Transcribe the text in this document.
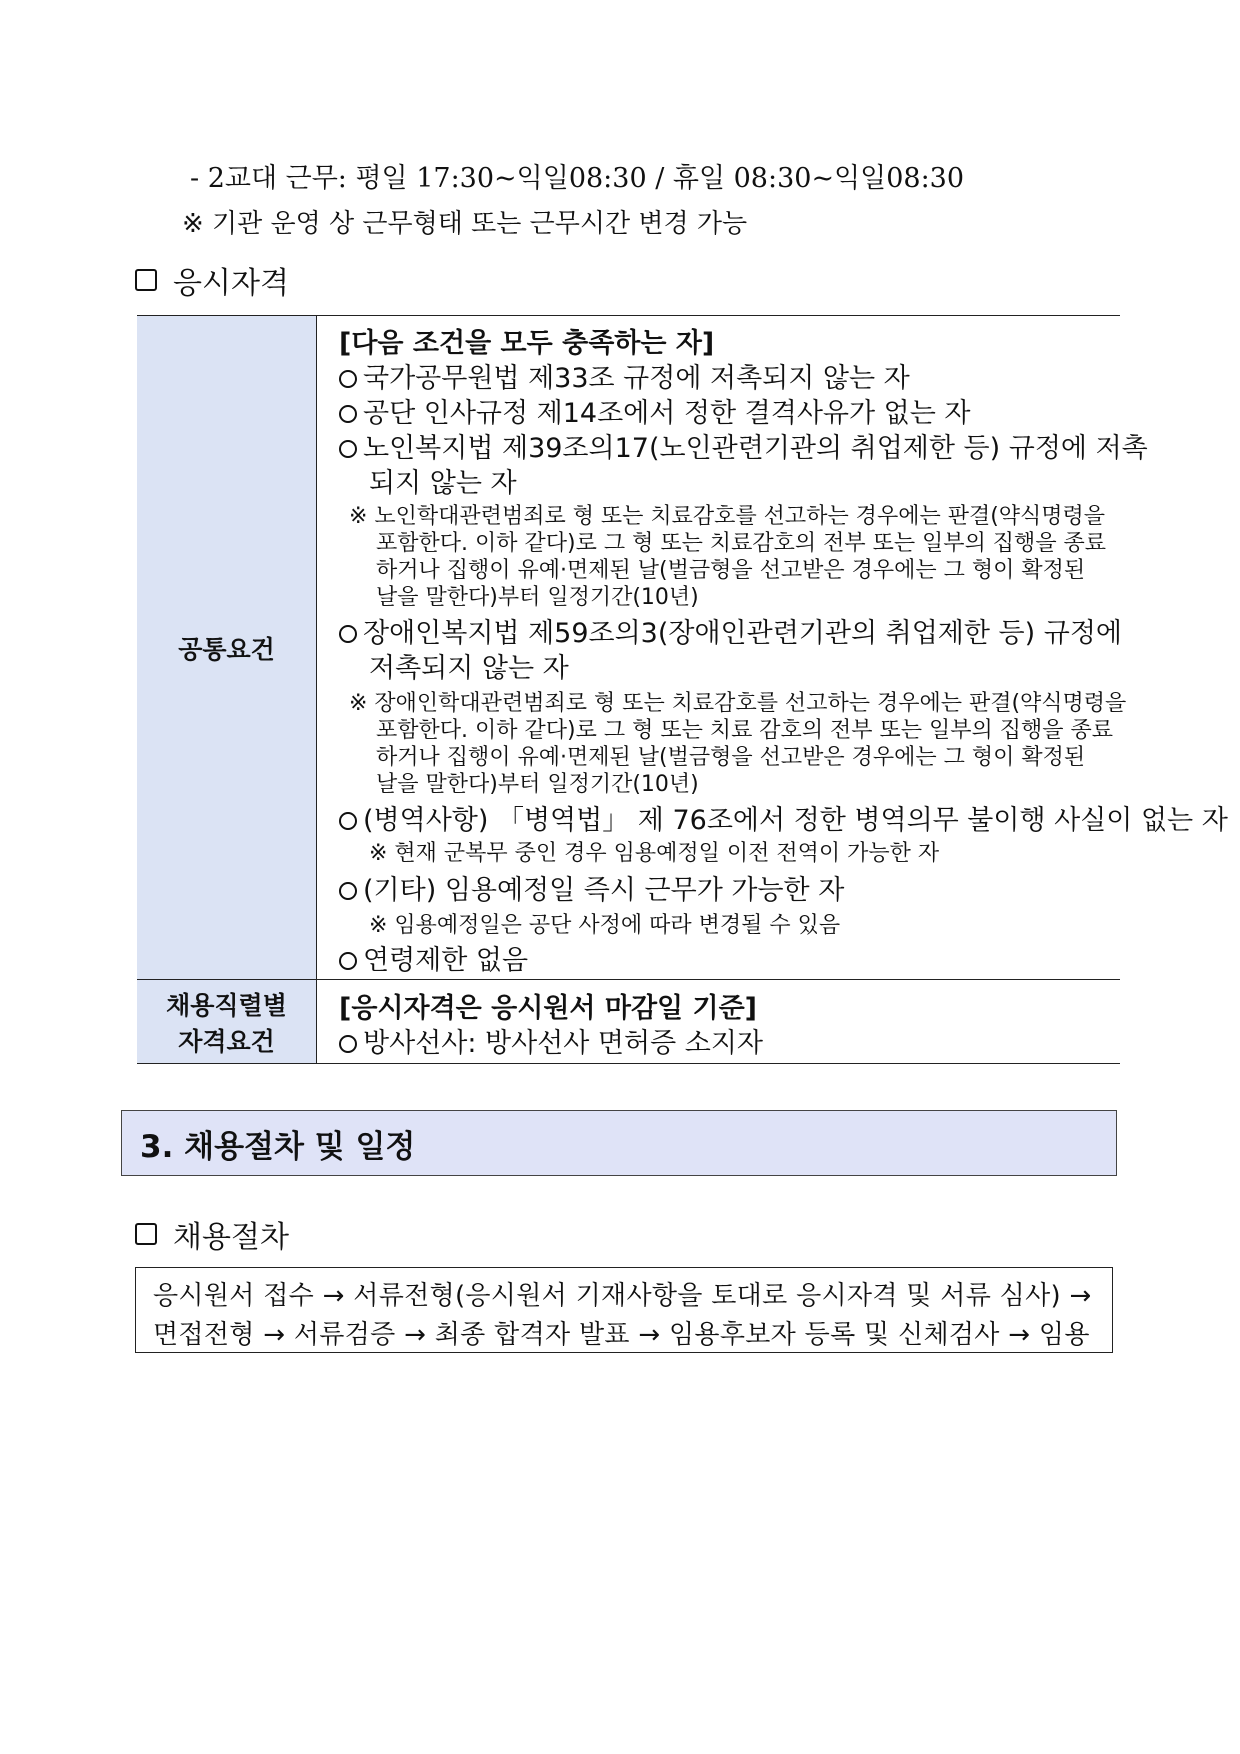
- 2교대 근무: 평일 17:30~익일08:30 / 휴일 08:30~익일08:30
※ 기관 운영 상 근무형태 또는 근무시간 변경 가능
응시자격
공통요건
채용직렬별
자격요건
[다음 조건을 모두 충족하는 자]
국가공무원법 제33조 규정에 저촉되지 않는 자
공단 인사규정 제14조에서 정한 결격사유가 없는 자
노인복지법 제39조의17(노인관련기관의 취업제한 등) 규정에 저촉
되지 않는 자
※ 노인학대관련범죄로 형 또는 치료감호를 선고하는 경우에는 판결(약식명령을
포함한다. 이하 같다)로 그 형 또는 치료감호의 전부 또는 일부의 집행을 종료
하거나 집행이 유예·면제된 날(벌금형을 선고받은 경우에는 그 형이 확정된
날을 말한다)부터 일정기간(10년)
장애인복지법 제59조의3(장애인관련기관의 취업제한 등) 규정에
저촉되지 않는 자
※ 장애인학대관련범죄로 형 또는 치료감호를 선고하는 경우에는 판결(약식명령을
포함한다. 이하 같다)로 그 형 또는 치료 감호의 전부 또는 일부의 집행을 종료
하거나 집행이 유예·면제된 날(벌금형을 선고받은 경우에는 그 형이 확정된
날을 말한다)부터 일정기간(10년)
(병역사항) 「병역법」 제 76조에서 정한 병역의무 불이행 사실이 없는 자
※ 현재 군복무 중인 경우 임용예정일 이전 전역이 가능한 자
(기타) 임용예정일 즉시 근무가 가능한 자
※ 임용예정일은 공단 사정에 따라 변경될 수 있음
연령제한 없음
[응시자격은 응시원서 마감일 기준]
방사선사: 방사선사 면허증 소지자
3. 채용절차 및 일정
채용절차
응시원서 접수 → 서류전형(응시원서 기재사항을 토대로 응시자격 및 서류 심사) →
면접전형 → 서류검증 → 최종 합격자 발표 → 임용후보자 등록 및 신체검사 → 임용
